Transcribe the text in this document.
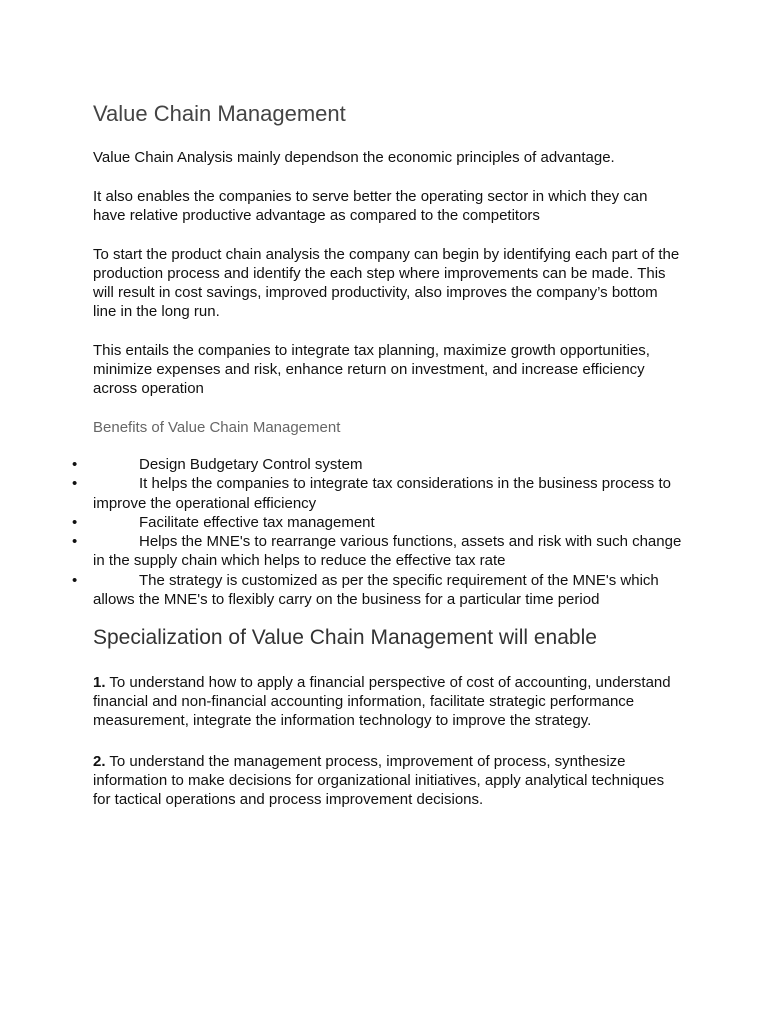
Value Chain Management

Value Chain Analysis mainly dependson the economic principles of advantage.

It also enables the companies to serve better the operating sector in which they can have relative productive advantage as compared to the competitors

To start the product chain analysis the company can begin by identifying each part of the production process and identify the each step where improvements can be made. This will result in cost savings, improved productivity, also improves the company’s bottom line in the long run.

This entails the companies to integrate tax planning, maximize growth opportunities, minimize expenses and risk, enhance return on investment, and increase efficiency across operation

Benefits of Value Chain Management
•	Design Budgetary Control system
•	It helps the companies to integrate tax considerations in the business process to improve the operational efficiency
•	Facilitate effective tax management
•	Helps the MNE's to rearrange various functions, assets and risk with such change in the supply chain which helps to reduce the effective tax rate
•	The strategy is customized as per the specific requirement of the MNE's which allows the MNE's to flexibly carry on the business for a particular time period
Specialization of Value Chain Management will enable

1. To understand how to apply a financial perspective of cost of accounting, understand financial and non-financial accounting information, facilitate strategic performance measurement, integrate the information technology to improve the strategy.

2. To understand the management process, improvement of process, synthesize information to make decisions for organizational initiatives, apply analytical techniques for tactical operations and process improvement decisions.
